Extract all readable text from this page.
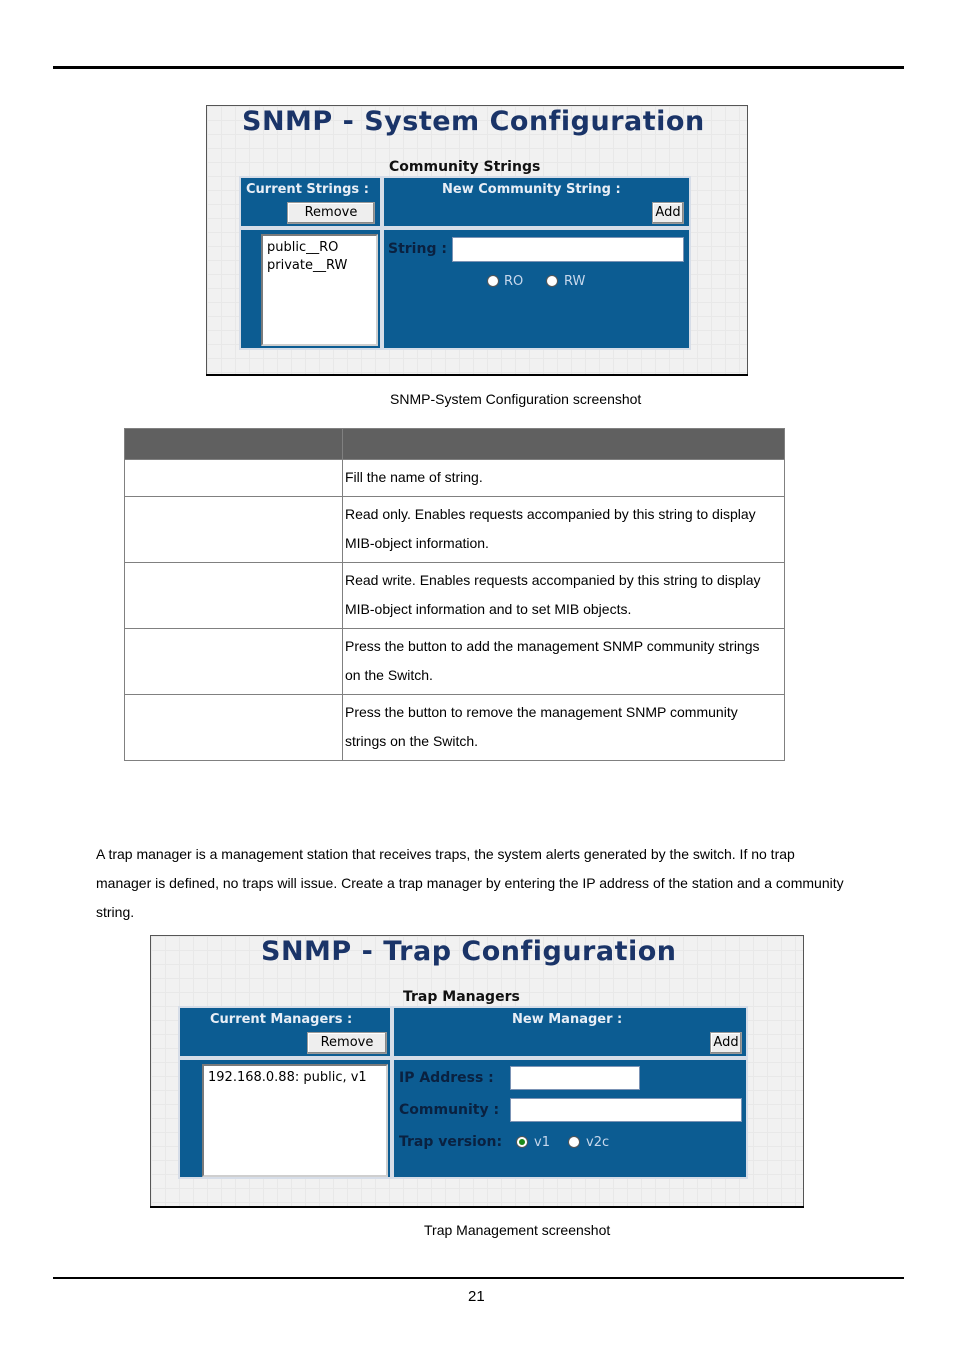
SNMP - System Configuration
Community Strings
Current Strings :
Remove
New Community String :
Add
public__RO
private__RW
String :
RO	RW
SNMP-System Configuration screenshot

	Fill the name of string.

	Read only. Enables requests accompanied by this string to display
MIB-object information.

	Read write. Enables requests accompanied by this string to display
MIB-object information and to set MIB objects.

	Press the button to add the management SNMP community strings
on the Switch.

	Press the button to remove the management SNMP community
strings on the Switch.
A trap manager is a management station that receives traps, the system alerts generated by the switch. If no trap
manager is defined, no traps will issue. Create a trap manager by entering the IP address of the station and a community
string.
SNMP - Trap Configuration
Trap Managers
Current Managers :
Remove
New Manager :
Add
192.168.0.88: public, v1	IP Address :
Community :
Trap version: v1	v2c
Trap Management screenshot
21
